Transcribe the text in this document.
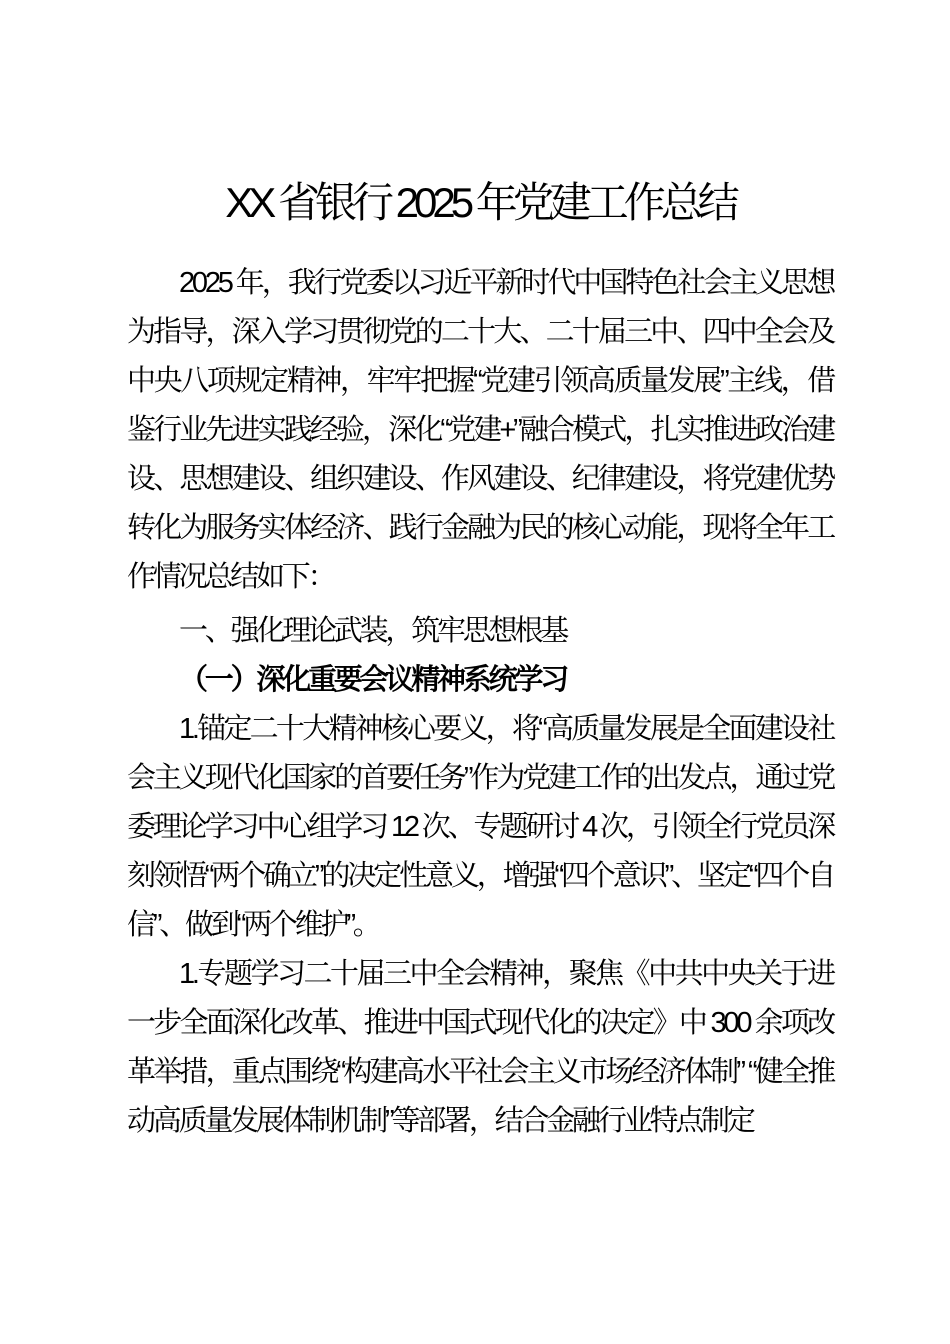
XX 省银行 2025 年党建工作总结

2025 年，我行党委以习近平新时代中国特色社会主义思想为指导，深入学习贯彻党的二十大、二十届三中、四中全会及中央八项规定精神，牢牢把握“党建引领高质量发展”主线，借鉴行业先进实践经验，深化“党建+”融合模式，扎实推进政治建设、思想建设、组织建设、作风建设、纪律建设，将党建优势转化为服务实体经济、践行金融为民的核心动能，现将全年工作情况总结如下：

一、强化理论武装，筑牢思想根基

（一）深化重要会议精神系统学习

1.锚定二十大精神核心要义，将“高质量发展是全面建设社会主义现代化国家的首要任务”作为党建工作的出发点，通过党委理论学习中心组学习 12 次、专题研讨 4 次，引领全行党员深刻领悟“两个确立”的决定性意义，增强“四个意识”、坚定“四个自信”、做到“两个维护”。

1.专题学习二十届三中全会精神，聚焦《中共中央关于进一步全面深化改革、推进中国式现代化的决定》中 300 余项改革举措，重点围绕“构建高水平社会主义市场经济体制” “健全推动高质量发展体制机制”等部署，结合金融行业特点制定
